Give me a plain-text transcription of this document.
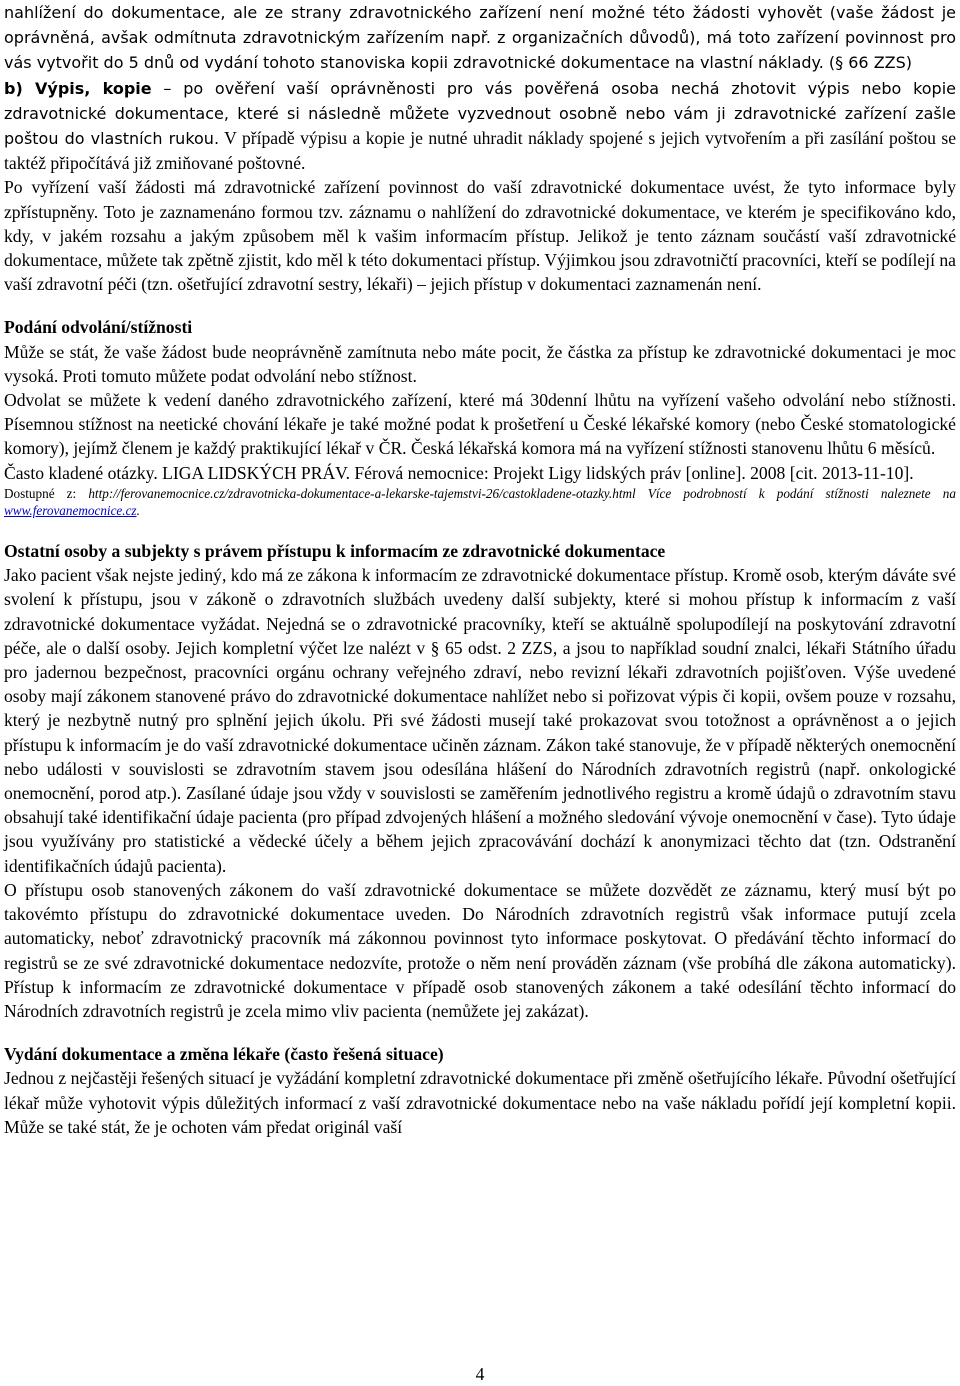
nahlížení do dokumentace, ale ze strany zdravotnického zařízení není možné této žádosti vyhovět (vaše žádost je oprávněná, avšak odmítnuta zdravotnickým zařízením např. z organizačních důvodů), má toto zařízení povinnost pro vás vytvořit do 5 dnů od vydání tohoto stanoviska kopii zdravotnické dokumentace na vlastní náklady. (§ 66 ZZS)

b) Výpis, kopie – po ověření vaší oprávněnosti pro vás pověřená osoba nechá zhotovit výpis nebo kopie zdravotnické dokumentace, které si následně můžete vyzvednout osobně nebo vám ji zdravotnické zařízení zašle poštou do vlastních rukou. V případě výpisu a kopie je nutné uhradit náklady spojené s jejich vytvořením a při zasílání poštou se taktéž připočítává již zmiňované poštovné.

Po vyřízení vaší žádosti má zdravotnické zařízení povinnost do vaší zdravotnické dokumentace uvést, že tyto informace byly zpřístupněny. Toto je zaznamenáno formou tzv. záznamu o nahlížení do zdravotnické dokumentace, ve kterém je specifikováno kdo, kdy, v jakém rozsahu a jakým způsobem měl k vašim informacím přístup. Jelikož je tento záznam součástí vaší zdravotnické dokumentace, můžete tak zpětně zjistit, kdo měl k této dokumentaci přístup. Výjimkou jsou zdravotničtí pracovníci, kteří se podílejí na vaší zdravotní péči (tzn. ošetřující zdravotní sestry, lékaři) – jejich přístup v dokumentaci zaznamenán není.

Podání odvolání/stížnosti

Může se stát, že vaše žádost bude neoprávněně zamítnuta nebo máte pocit, že částka za přístup ke zdravotnické dokumentaci je moc vysoká. Proti tomuto můžete podat odvolání nebo stížnost.

Odvolat se můžete k vedení daného zdravotnického zařízení, které má 30denní lhůtu na vyřízení vašeho odvolání nebo stížnosti. Písemnou stížnost na neetické chování lékaře je také možné podat k prošetření u České lékařské komory (nebo České stomatologické komory), jejímž členem je každý praktikující lékař v ČR. Česká lékařská komora má na vyřízení stížnosti stanovenu lhůtu 6 měsíců.

Často kladené otázky. LIGA LIDSKÝCH PRÁV. Férová nemocnice: Projekt Ligy lidských práv [online]. 2008 [cit. 2013-11-10].

Dostupné z: http://ferovanemocnice.cz/zdravotnicka-dokumentace-a-lekarske-tajemstvi-26/castokladene-otazky.html Více podrobností k podání stížnosti naleznete na www.ferovanemocnice.cz.

Ostatní osoby a subjekty s právem přístupu k informacím ze zdravotnické dokumentace

Jako pacient však nejste jediný, kdo má ze zákona k informacím ze zdravotnické dokumentace přístup. Kromě osob, kterým dáváte své svolení k přístupu, jsou v zákoně o zdravotních službách uvedeny další subjekty, které si mohou přístup k informacím z vaší zdravotnické dokumentace vyžádat. Nejedná se o zdravotnické pracovníky, kteří se aktuálně spolupodílejí na poskytování zdravotní péče, ale o další osoby. Jejich kompletní výčet lze nalézt v § 65 odst. 2 ZZS, a jsou to například soudní znalci, lékaři Státního úřadu pro jadernou bezpečnost, pracovníci orgánu ochrany veřejného zdraví, nebo revizní lékaři zdravotních pojišťoven. Výše uvedené osoby mají zákonem stanovené právo do zdravotnické dokumentace nahlížet nebo si pořizovat výpis či kopii, ovšem pouze v rozsahu, který je nezbytně nutný pro splnění jejich úkolu. Při své žádosti musejí také prokazovat svou totožnost a oprávněnost a o jejich přístupu k informacím je do vaší zdravotnické dokumentace učiněn záznam. Zákon také stanovuje, že v případě některých onemocnění nebo události v souvislosti se zdravotním stavem jsou odesílána hlášení do Národních zdravotních registrů (např. onkologické onemocnění, porod atp.). Zasílané údaje jsou vždy v souvislosti se zaměřením jednotlivého registru a kromě údajů o zdravotním stavu obsahují také identifikační údaje pacienta (pro případ zdvojených hlášení a možného sledování vývoje onemocnění v čase). Tyto údaje jsou využívány pro statistické a vědecké účely a během jejich zpracovávání dochází k anonymizaci těchto dat (tzn. Odstranění identifikačních údajů pacienta).

O přístupu osob stanovených zákonem do vaší zdravotnické dokumentace se můžete dozvědět ze záznamu, který musí být po takovémto přístupu do zdravotnické dokumentace uveden. Do Národních zdravotních registrů však informace putují zcela automaticky, neboť zdravotnický pracovník má zákonnou povinnost tyto informace poskytovat. O předávání těchto informací do registrů se ze své zdravotnické dokumentace nedozvíte, protože o něm není prováděn záznam (vše probíhá dle zákona automaticky). Přístup k informacím ze zdravotnické dokumentace v případě osob stanovených zákonem a také odesílání těchto informací do Národních zdravotních registrů je zcela mimo vliv pacienta (nemůžete jej zakázat).

Vydání dokumentace a změna lékaře (často řešená situace)

Jednou z nejčastěji řešených situací je vyžádání kompletní zdravotnické dokumentace při změně ošetřujícího lékaře. Původní ošetřující lékař může vyhotovit výpis důležitých informací z vaší zdravotnické dokumentace nebo na vaše nákladu pořídí její kompletní kopii. Může se také stát, že je ochoten vám předat originál vaší

4
